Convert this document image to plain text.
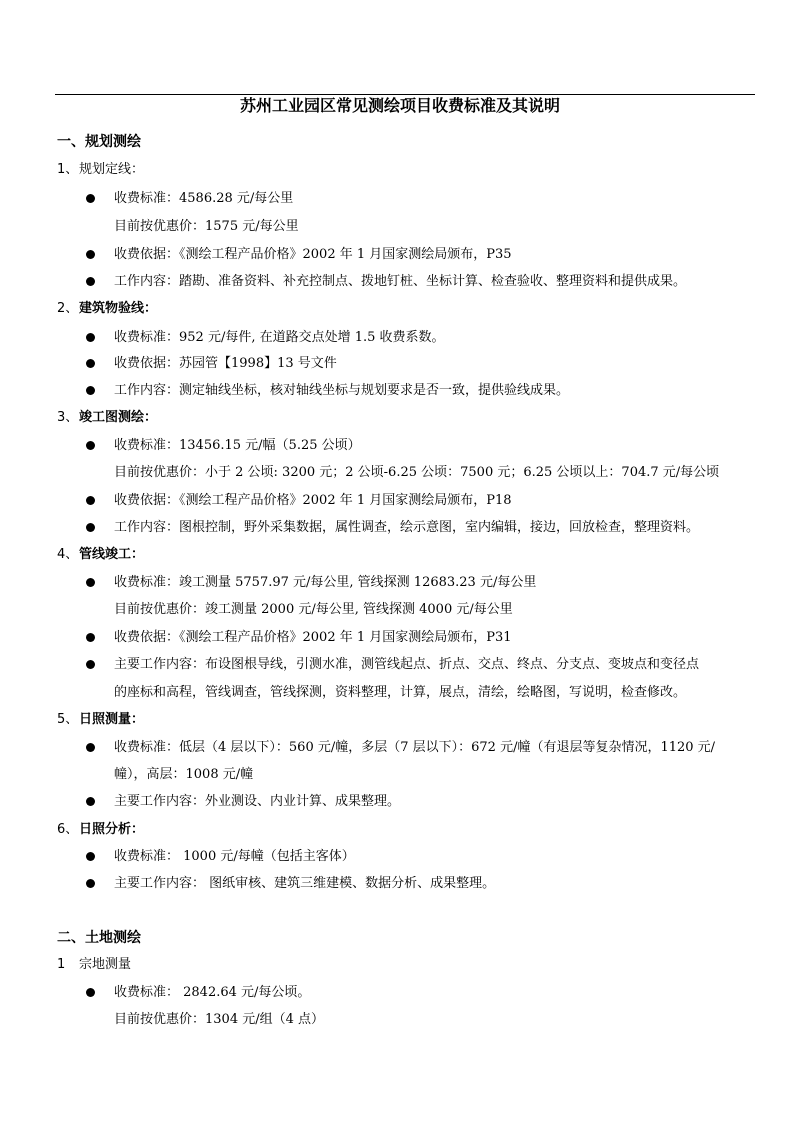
苏州工业园区常见测绘项目收费标准及其说明
一、规划测绘
1、规划定线：
收费标准：4586.28 元/每公里
目前按优惠价：1575 元/每公里
收费依据：《测绘工程产品价格》2002 年 1 月国家测绘局颁布，P35
工作内容：踏勘、准备资料、补充控制点、拨地钉桩、坐标计算、检查验收、整理资料和提供成果。
2、建筑物验线：
收费标准：952 元/每件, 在道路交点处增 1.5 收费系数。
收费依据：苏园管【1998】13 号文件
工作内容：测定轴线坐标，核对轴线坐标与规划要求是否一致，提供验线成果。
3、竣工图测绘：
收费标准：13456.15 元/幅（5.25 公顷）
目前按优惠价：小于 2 公顷: 3200 元；2 公顷-6.25 公顷：7500 元；6.25 公顷以上：704.7 元/每公顷
收费依据：《测绘工程产品价格》2002 年 1 月国家测绘局颁布，P18
工作内容：图根控制，野外采集数据，属性调查，绘示意图，室内编辑，接边，回放检查，整理资料。
4、管线竣工：
收费标准：竣工测量 5757.97 元/每公里, 管线探测 12683.23 元/每公里
目前按优惠价：竣工测量 2000 元/每公里, 管线探测 4000 元/每公里
收费依据：《测绘工程产品价格》2002 年 1 月国家测绘局颁布，P31
主要工作内容：布设图根导线，引测水准，测管线起点、折点、交点、终点、分支点、变坡点和变径点
的座标和高程，管线调查，管线探测，资料整理，计算，展点，清绘，绘略图，写说明，检查修改。
5、日照测量：
收费标准：低层（4 层以下）：560 元/幢，多层（7 层以下）：672 元/幢（有退层等复杂情况，1120 元/
幢），高层：1008 元/幢
主要工作内容：外业测设、内业计算、成果整理。
6、日照分析：
收费标准： 1000 元/每幢（包括主客体）
主要工作内容： 图纸审核、建筑三维建模、数据分析、成果整理。
二、土地测绘
1 宗地测量
收费标准： 2842.64 元/每公顷。
目前按优惠价：1304 元/组（4 点）
